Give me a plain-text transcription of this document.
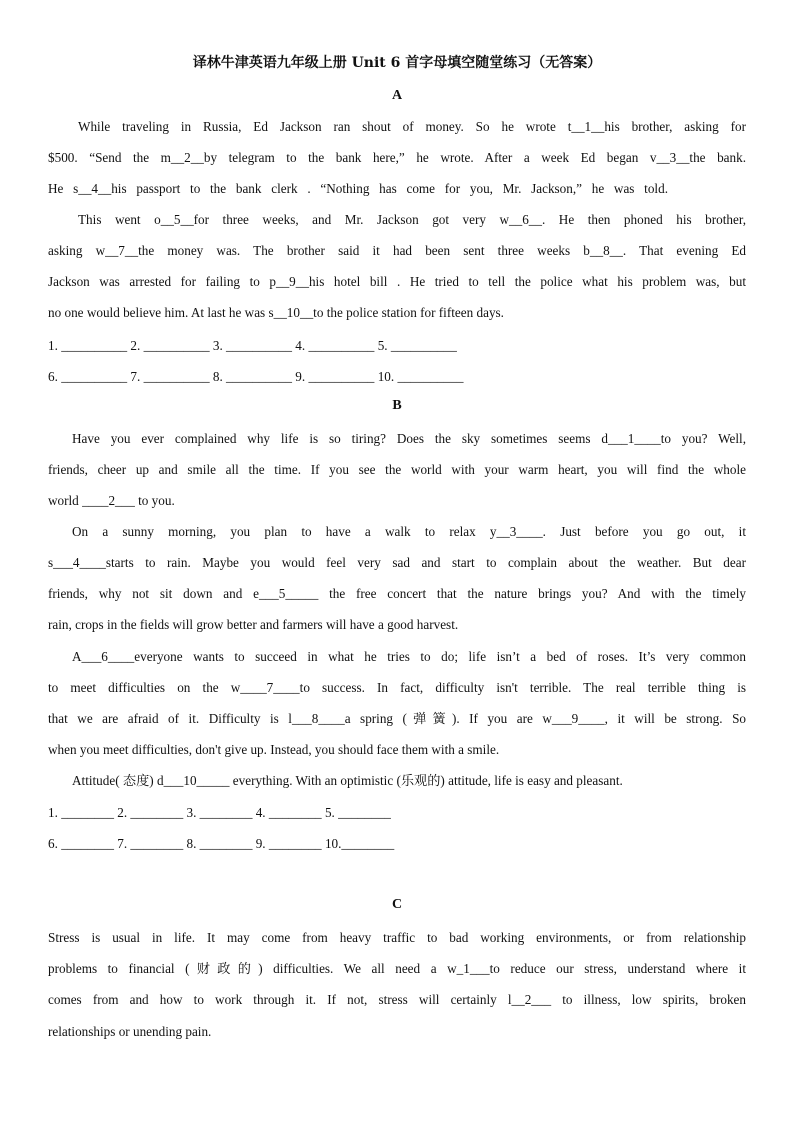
译林牛津英语九年级上册 Unit 6 首字母填空随堂练习（无答案）
A
While traveling in Russia, Ed Jackson ran shout of money. So he wrote t__1__his brother, asking for
$500. “Send the m__2__by telegram to the bank here,” he wrote. After a week Ed began v__3__the bank.
He s__4__his passport to the bank clerk . “Nothing has come for you, Mr. Jackson,” he was told.
This went o__5__for three weeks, and Mr. Jackson got very w__6__. He then phoned his brother,
asking w__7__the money was. The brother said it had been sent three weeks b__8__. That evening Ed
Jackson was arrested for failing to p__9__his hotel bill . He tried to tell the police what his problem was, but
no one would believe him. At last he was s__10__to the police station for fifteen days.
1. __________ 2. __________ 3. __________ 4. __________ 5. __________
6. __________ 7. __________ 8. __________ 9. __________ 10. __________
B
Have you ever complained why life is so tiring? Does the sky sometimes seems d___1____to you? Well,
friends, cheer up and smile all the time. If you see the world with your warm heart, you will find the whole
world ____2___ to you.
On a sunny morning, you plan to have a walk to relax y__3____. Just before you go out, it
s___4____starts to rain. Maybe you would feel very sad and start to complain about the weather. But dear
friends, why not sit down and e___5_____ the free concert that the nature brings you? And with the timely
rain, crops in the fields will grow better and farmers will have a good harvest.
A___6____everyone wants to succeed in what he tries to do; life isn’t a bed of roses. It’s very common
to meet difficulties on the w____7____to success. In fact, difficulty isn't terrible. The real terrible thing is
that we are afraid of it. Difficulty is l___8____a spring (弹簧). If you are w___9____, it will be strong. So
when you meet difficulties, don't give up. Instead, you should face them with a smile.
Attitude( 态度) d___10_____ everything. With an optimistic (乐观的) attitude, life is easy and pleasant.
1. ________ 2. ________ 3. ________ 4. ________ 5. ________
6. ________ 7. ________ 8. ________ 9. ________ 10.________
C
Stress is usual in life. It may come from heavy traffic to bad working environments, or from relationship
problems to financial (财政的) difficulties. We all need a w_1___to reduce our stress, understand where it
comes from and how to work through it. If not, stress will certainly l__2___ to illness, low spirits, broken
relationships or unending pain.
